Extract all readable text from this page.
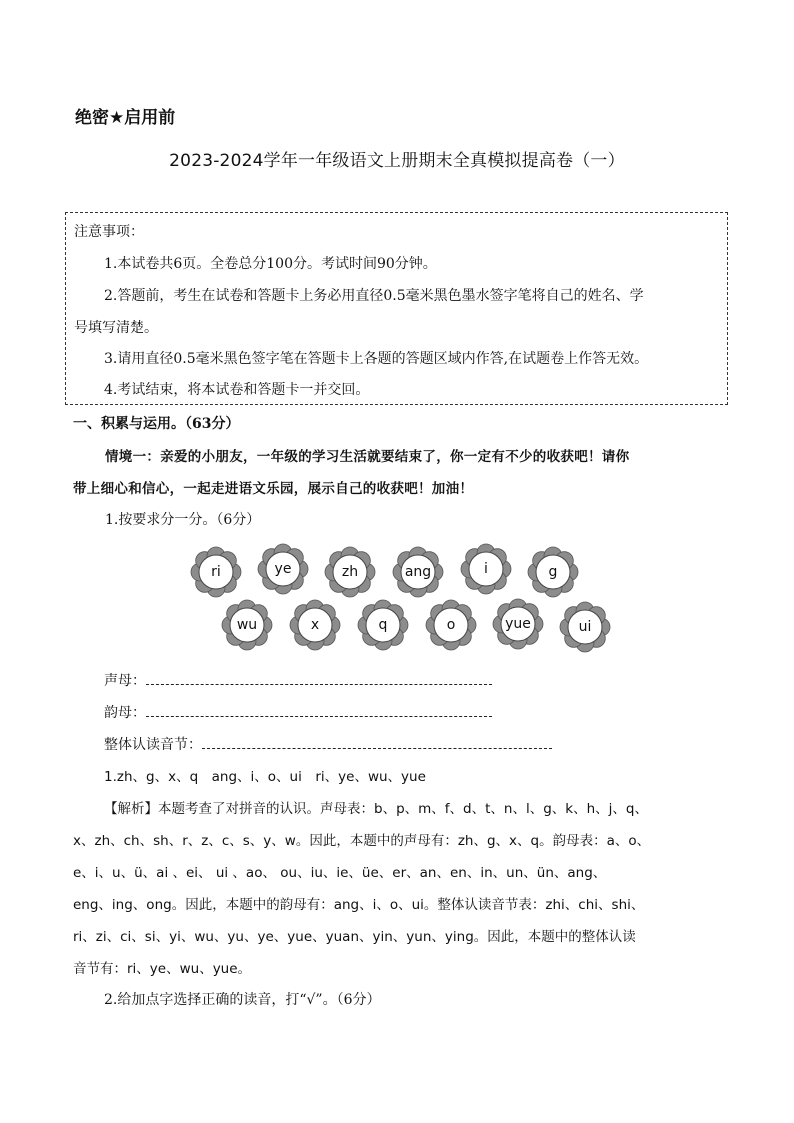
绝密★启用前
2023-2024学年一年级语文上册期末全真模拟提高卷（一）
注意事项：
1.本试卷共6页。全卷总分100分。考试时间90分钟。
2.答题前，考生在试卷和答题卡上务必用直径0.5毫米黑色墨水签字笔将自己的姓名、学
号填写清楚。
3.请用直径0.5毫米黑色签字笔在答题卡上各题的答题区域内作答,在试题卷上作答无效。
4.考试结束，将本试卷和答题卡一并交回。
一、积累与运用。（63分）
情境一：亲爱的小朋友，一年级的学习生活就要结束了，你一定有不少的收获吧！请你
带上细心和信心，一起走进语文乐园，展示自己的收获吧！加油！
1.按要求分一分。（6分）
ri	ye	zh	ang	i	g
wu	x	q	o	yue	ui
声母：
韵母：
整体认读音节：
1.zh、g、x、q　ang、i、o、ui　ri、ye、wu、yue
【解析】本题考查了对拼音的认识。声母表：b、p、m、f、d、t、n、l、g、k、h、j、q、
x、zh、ch、sh、r、z、c、s、y、w。因此，本题中的声母有：zh、g、x、q。韵母表：a、o、
e、i、u、ü、ai 、ei、 ui 、ao、 ou、iu、ie、üe、er、an、en、in、un、ün、ang、
eng、ing、ong。因此，本题中的韵母有：ang、i、o、ui。整体认读音节表：zhi、chi、shi、
ri、zi、ci、si、yi、wu、yu、ye、yue、yuan、yin、yun、ying。因此，本题中的整体认读
音节有：ri、ye、wu、yue。
2.给加点字选择正确的读音，打“√”。（6分）
